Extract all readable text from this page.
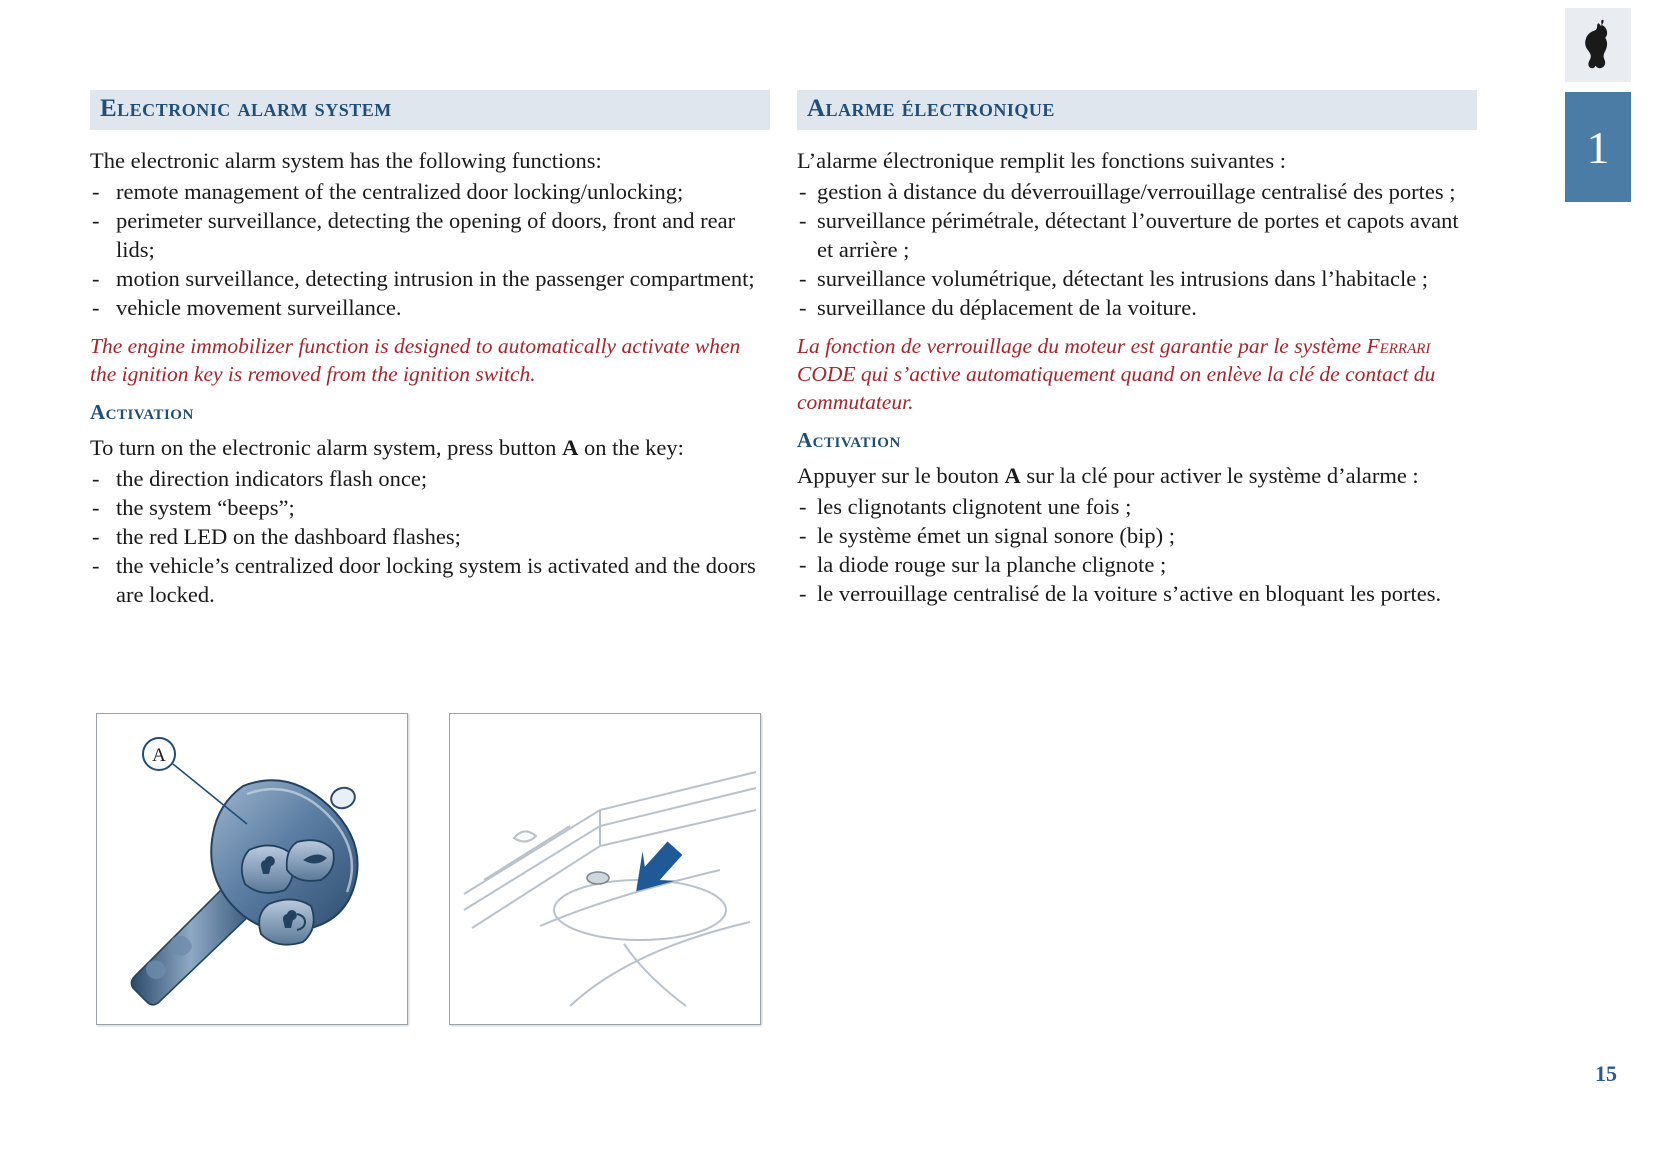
1
15
Electronic alarm system

The electronic alarm system has the following functions:

- remote management of the centralized door locking/unlocking;
- perimeter surveillance, detecting the opening of doors, front and rear lids;
- motion surveillance, detecting intrusion in the passenger compartment;
- vehicle movement surveillance.

The engine immobilizer function is designed to automatically activate when the ignition key is removed from the ignition switch.

Activation

To turn on the electronic alarm system, press button A on the key:

- the direction indicators flash once;
- the system “beeps”;
- the red LED on the dashboard flashes;
- the vehicle’s centralized door locking system is activated and the doors are locked.
Alarme électronique

L’alarme électronique remplit les fonctions suivantes :

- gestion à distance du déverrouillage/verrouillage centralisé des portes ;
- surveillance périmétrale, détectant l’ouverture de portes et capots avant et arrière ;
- surveillance volumétrique, détectant les intrusions dans l’habitacle ;
- surveillance du déplacement de la voiture.

La fonction de verrouillage du moteur est garantie par le système Ferrari CODE qui s’active automatiquement quand on enlève la clé de contact du commutateur.

Activation

Appuyer sur le bouton A sur la clé pour activer le système d’alarme :

- les clignotants clignotent une fois ;
- le système émet un signal sonore (bip) ;
- la diode rouge sur la planche clignote ;
- le verrouillage centralisé de la voiture s’active en bloquant les portes.
A
